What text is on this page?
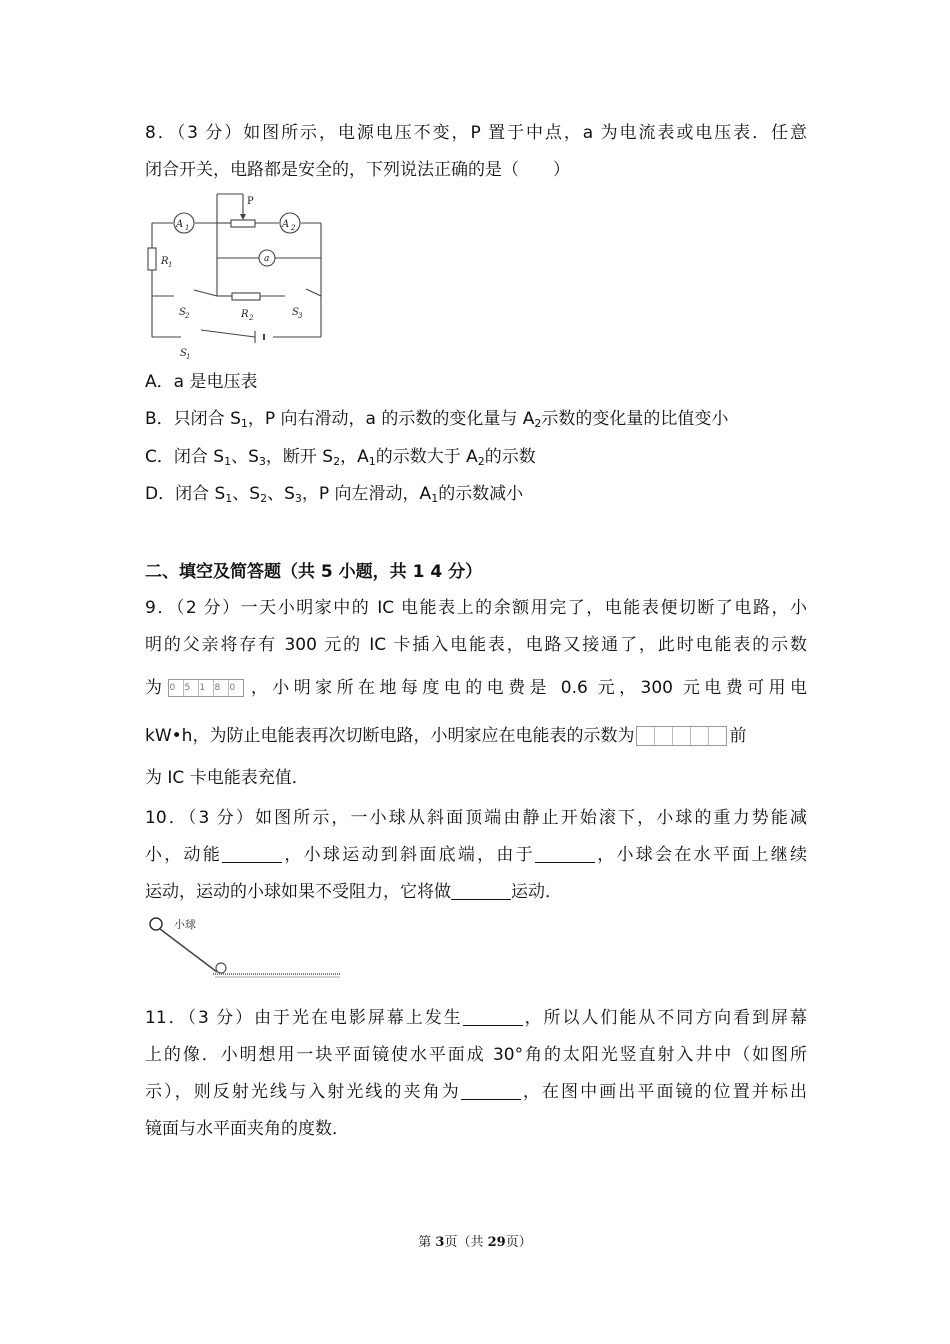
8．（3 分）如图所示，电源电压不变，P 置于中点，a 为电流表或电压表．任意
闭合开关，电路都是安全的，下列说法正确的是（　　）
P
A 1	A 2
a
R 1
R 2
S 2	S 3
S 1
A．a 是电压表
B．只闭合 $S_1$，P 向右滑动，a 的示数的变化量与 $A_2$示数的变化量的比值变小
C．闭合 $S_1$、$S_3$，断开 $S_2$，$A_1$的示数大于 $A_2$的示数
D．闭合 $S_1$、$S_2$、$S_3$，P 向左滑动，$A_1$的示数减小
二、填空及简答题（共 5 小题，共 1 4 分）
9．（2 分）一天小明家中的 IC 电能表上的余额用完了，电能表便切断了电路，小
明的父亲将存有 300 元的 IC 卡插入电能表，电路又接通了，此时电能表的示数
为 0	5	1	8	0 ，小明家所在地每度电的电费是 0.6 元，300 元电费可用电
kW•h，为防止电能表再次切断电路，小明家应在电能表的示数为	前
为 IC 卡电能表充值．
10．（3 分）如图所示，一小球从斜面顶端由静止开始滚下，小球的重力势能减
小，动能	，小球运动到斜面底端，由于	，小球会在水平面上继续
运动，运动的小球如果不受阻力，它将做	运动．
小球
11．（3 分）由于光在电影屏幕上发生	，所以人们能从不同方向看到屏幕
上的像．小明想用一块平面镜使水平面成 30°角的太阳光竖直射入井中（如图所
示），则反射光线与入射光线的夹角为	，在图中画出平面镜的位置并标出
镜面与水平面夹角的度数．
第 3页（共 29页）
